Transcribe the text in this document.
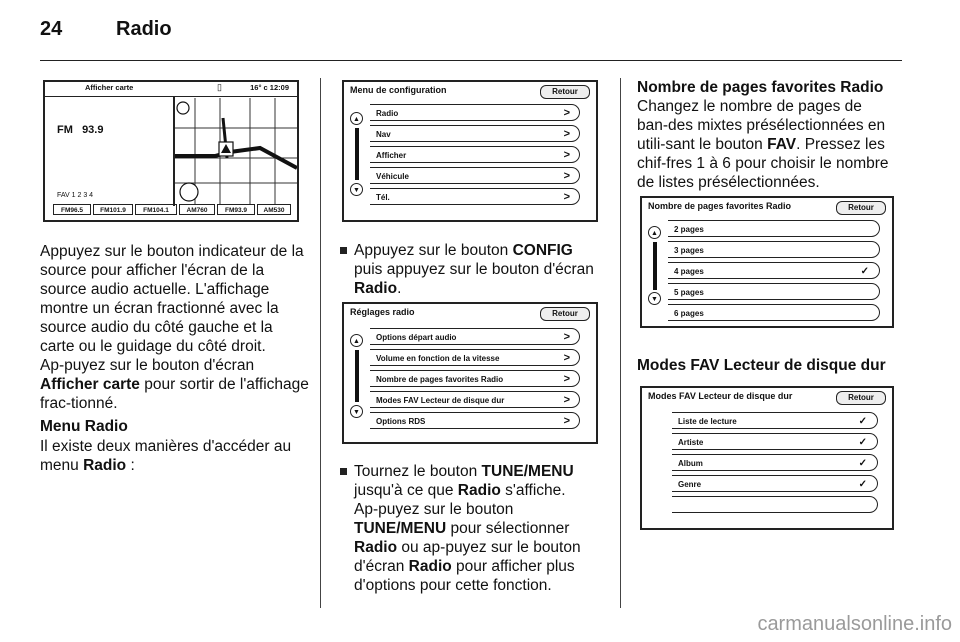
24	Radio
Afficher carte	▯	16° c 12:09
FM 93.9
FAV 1 2 3 4
FM96.5	FM101.9	FM104.1	AM760	FM93.9	AM530

Appuyez sur le bouton indicateur de la source pour afficher l'écran de la source audio actuelle. L'affichage montre un écran fractionné avec la source audio du côté gauche et la carte ou le guidage du côté droit. Ap‑puyez sur le bouton d'écran Afficher carte pour sortir de l'affichage frac‑tionné.

Menu Radio

Il existe deux manières d'accéder au menu Radio :

Menu de configuration	Retour
▲
▼
Radio	>
Nav	>
Afficher	>
Véhicule	>
Tél.	>

Appuyez sur le bouton CONFIG puis appuyez sur le bouton d'écran Radio.

Réglages radio	Retour
▲
▼
Options départ audio	>
Volume en fonction de la vitesse	>
Nombre de pages favorites Radio	>
Modes FAV Lecteur de disque dur	>
Options RDS	>

Tournez le bouton TUNE/MENU jusqu'à ce que Radio s'affiche. Ap‑puyez sur le bouton TUNE/MENU pour sélectionner Radio ou ap‑puyez sur le bouton d'écran Radio pour afficher plus d'options pour cette fonction.

Nombre de pages favorites Radio

Changez le nombre de pages de ban‑des mixtes présélectionnées en utili‑sant le bouton FAV. Pressez les chif‑fres 1 à 6 pour choisir le nombre de listes présélectionnées.

Nombre de pages favorites Radio	Retour
▲
▼
2 pages
3 pages
4 pages	✓
5 pages
6 pages

Modes FAV Lecteur de disque dur

Modes FAV Lecteur de disque dur	Retour
Liste de lecture	✓
Artiste	✓
Album	✓
Genre	✓
carmanualsonline.info
